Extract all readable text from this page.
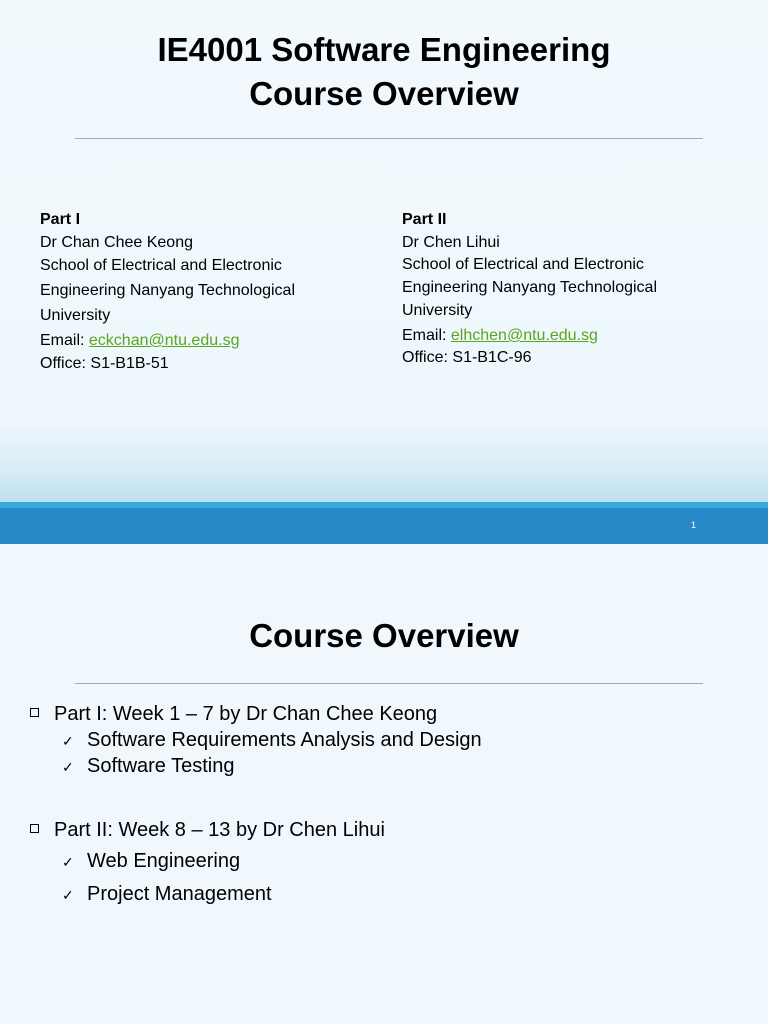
IE4001 Software Engineering
Course Overview
Part I
Dr Chan Chee Keong
School of Electrical and Electronic
Engineering Nanyang Technological
University
Email: eckchan@ntu.edu.sg
Office: S1-B1B-51
Part II
Dr Chen Lihui
School of Electrical and Electronic
Engineering Nanyang Technological
University
Email: elhchen@ntu.edu.sg
Office: S1-B1C-96
1
Course Overview
Part I: Week 1 – 7 by Dr Chan Chee Keong
✓ Software Requirements Analysis and Design
✓ Software Testing
Part II: Week 8 – 13 by Dr Chen Lihui
✓ Web Engineering
✓ Project Management
